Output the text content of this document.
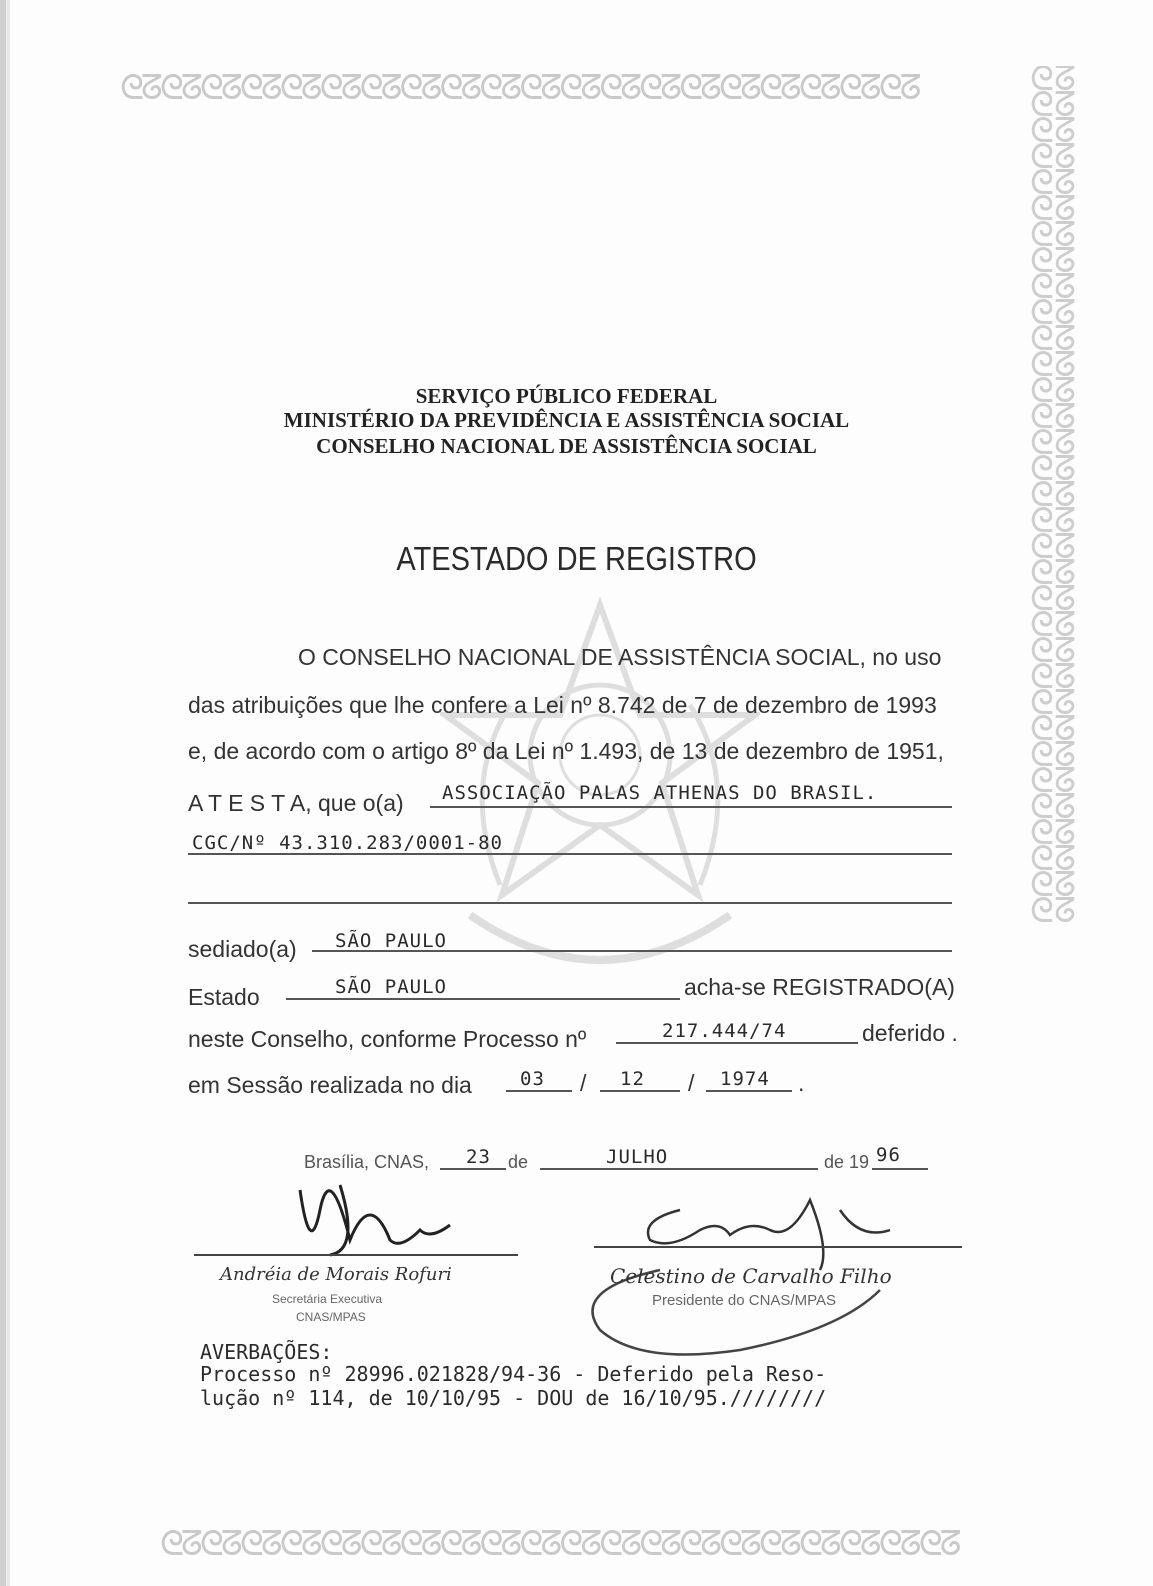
ᘓᘔᘓᘔᘓᘔᘓᘔᘓᘔᘓᘔᘓᘔᘓᘔᘓᘔᘓᘔᘓᘔᘓᘔᘓᘔᘓᘔᘓᘔᘓᘔᘓᘔᘓᘔᘓᘔᘓᘔ	ᘓᘔᘓᘔᘓᘔᘓᘔᘓᘔᘓᘔᘓᘔᘓᘔᘓᘔᘓᘔᘓᘔᘓᘔᘓᘔᘓᘔᘓᘔᘓᘔᘓᘔᘓᘔᘓᘔᘓᘔᘓᘔᘓᘔᘓᘔᘓᘔᘓᘔᘓᘔᘓᘔᘓᘔᘓᘔᘓᘔᘓᘔᘓᘔᘓᘔ
ᘓᘔᘓᘔᘓᘔᘓᘔᘓᘔᘓᘔᘓᘔᘓᘔᘓᘔᘓᘔᘓᘔᘓᘔᘓᘔᘓᘔᘓᘔᘓᘔᘓᘔᘓᘔᘓᘔᘓᘔ
SERVIÇO PÚBLICO FEDERAL
MINISTÉRIO DA PREVIDÊNCIA E ASSISTÊNCIA SOCIAL
CONSELHO NACIONAL DE ASSISTÊNCIA SOCIAL
ATESTADO DE REGISTRO
O CONSELHO NACIONAL DE ASSISTÊNCIA SOCIAL, no uso
das atribuições que lhe confere a Lei nº 8.742 de 7 de dezembro de 1993
e, de acordo com o artigo 8º da Lei nº 1.493, de 13 de dezembro de 1951,
A T E S T A, que o(a) ASSOCIAÇÃO PALAS ATHENAS DO BRASIL.
CGC/Nº 43.310.283/0001-80
sediado(a) SÃO PAULO
Estado	SÃO PAULO	acha-se REGISTRADO(A)
neste Conselho, conforme Processo nº	217.444/74	deferido .
em Sessão realizada no dia	03 / 12 / 1974 .
Brasília, CNAS, 23 de	JULHO	de 19 96
Andréia de Morais Rofuri
Secretária Executiva
CNAS/MPAS
Celestino de Carvalho Filho
Presidente do CNAS/MPAS
AVERBAÇÕES:
Processo nº 28996.021828/94-36 - Deferido pela Reso-
lução nº 114, de 10/10/95 - DOU de 16/10/95.////////
